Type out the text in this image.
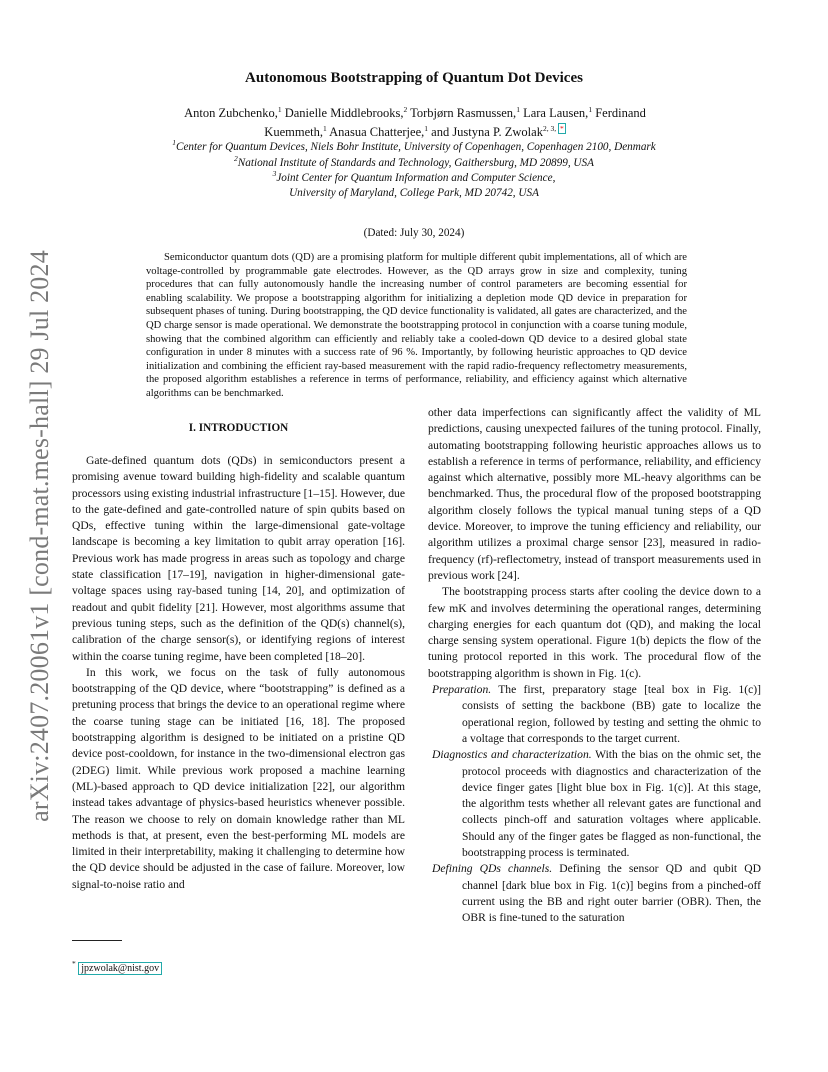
arXiv:2407.20061v1 [cond-mat.mes-hall] 29 Jul 2024
Autonomous Bootstrapping of Quantum Dot Devices
Anton Zubchenko,$^1$ Danielle Middlebrooks,$^2$ Torbjørn Rasmussen,$^1$ Lara Lausen,$^1$ Ferdinand Kuemmeth,$^1$ Anasua Chatterjee,$^1$ and Justyna P. Zwolak$^{2, 3, *}$
$^1$Center for Quantum Devices, Niels Bohr Institute, University of Copenhagen, Copenhagen 2100, Denmark
$^2$National Institute of Standards and Technology, Gaithersburg, MD 20899, USA
$^3$Joint Center for Quantum Information and Computer Science,
University of Maryland, College Park, MD 20742, USA
(Dated: July 30, 2024)

Semiconductor quantum dots (QD) are a promising platform for multiple different qubit implementations, all of which are voltage-controlled by programmable gate electrodes. However, as the QD arrays grow in size and complexity, tuning procedures that can fully autonomously handle the increasing number of control parameters are becoming essential for enabling scalability. We propose a bootstrapping algorithm for initializing a depletion mode QD device in preparation for subsequent phases of tuning. During bootstrapping, the QD device functionality is validated, all gates are characterized, and the QD charge sensor is made operational. We demonstrate the bootstrapping protocol in conjunction with a coarse tuning module, showing that the combined algorithm can efficiently and reliably take a cooled-down QD device to a desired global state configuration in under 8 minutes with a success rate of 96 %. Importantly, by following heuristic approaches to QD device initialization and combining the efficient ray-based measurement with the rapid radio-frequency reflectometry measurements, the proposed algorithm establishes a reference in terms of performance, reliability, and efficiency against which alternative algorithms can be benchmarked.

I. INTRODUCTION

Gate-defined quantum dots (QDs) in semiconductors present a promising avenue toward building high-fidelity and scalable quantum processors using existing industrial infrastructure [1–15]. However, due to the gate-defined and gate-controlled nature of spin qubits based on QDs, effective tuning within the large-dimensional gate-voltage landscape is becoming a key limitation to qubit array operation [16]. Previous work has made progress in areas such as topology and charge state classification [17–19], navigation in higher-dimensional gate-voltage spaces using ray-based tuning [14, 20], and optimization of readout and qubit fidelity [21]. However, most algorithms assume that previous tuning steps, such as the definition of the QD(s) channel(s), calibration of the charge sensor(s), or identifying regions of interest within the coarse tuning regime, have been completed [18–20].

In this work, we focus on the task of fully autonomous bootstrapping of the QD device, where “bootstrapping” is defined as a pretuning process that brings the device to an operational regime where the coarse tuning stage can be initiated [16, 18]. The proposed bootstrapping algorithm is designed to be initiated on a pristine QD device post-cooldown, for instance in the two-dimensional electron gas (2DEG) limit. While previous work proposed a machine learning (ML)-based approach to QD device initialization [22], our algorithm instead takes advantage of physics-based heuristics whenever possible. The reason we choose to rely on domain knowledge rather than ML methods is that, at present, even the best-performing ML models are limited in their interpretability, making it challenging to determine how the QD device should be adjusted in the case of failure. Moreover, low signal-to-noise ratio and

other data imperfections can significantly affect the validity of ML predictions, causing unexpected failures of the tuning protocol. Finally, automating bootstrapping following heuristic approaches allows us to establish a reference in terms of performance, reliability, and efficiency against which alternative, possibly more ML-heavy algorithms can be benchmarked. Thus, the procedural flow of the proposed bootstrapping algorithm closely follows the typical manual tuning steps of a QD device. Moreover, to improve the tuning efficiency and reliability, our algorithm utilizes a proximal charge sensor [23], measured in radio-frequency (rf)-reflectometry, instead of transport measurements used in previous work [24].

The bootstrapping process starts after cooling the device down to a few mK and involves determining the operational ranges, determining charging energies for each quantum dot (QD), and making the local charge sensing system operational. Figure 1(b) depicts the flow of the tuning protocol reported in this work. The procedural flow of the bootstrapping algorithm is shown in Fig. 1(c).

Preparation. The first, preparatory stage [teal box in Fig. 1(c)] consists of setting the backbone (BB) gate to localize the operational region, followed by testing and setting the ohmic to a voltage that corresponds to the target current.

Diagnostics and characterization. With the bias on the ohmic set, the protocol proceeds with diagnostics and characterization of the device finger gates [light blue box in Fig. 1(c)]. At this stage, the algorithm tests whether all relevant gates are functional and collects pinch-off and saturation voltages where applicable. Should any of the finger gates be flagged as non-functional, the bootstrapping process is terminated.

Defining QDs channels. Defining the sensor QD and qubit QD channel [dark blue box in Fig. 1(c)] begins from a pinched-off current using the BB and right outer barrier (OBR). Then, the OBR is fine-tuned to the saturation

* jpzwolak@nist.gov
